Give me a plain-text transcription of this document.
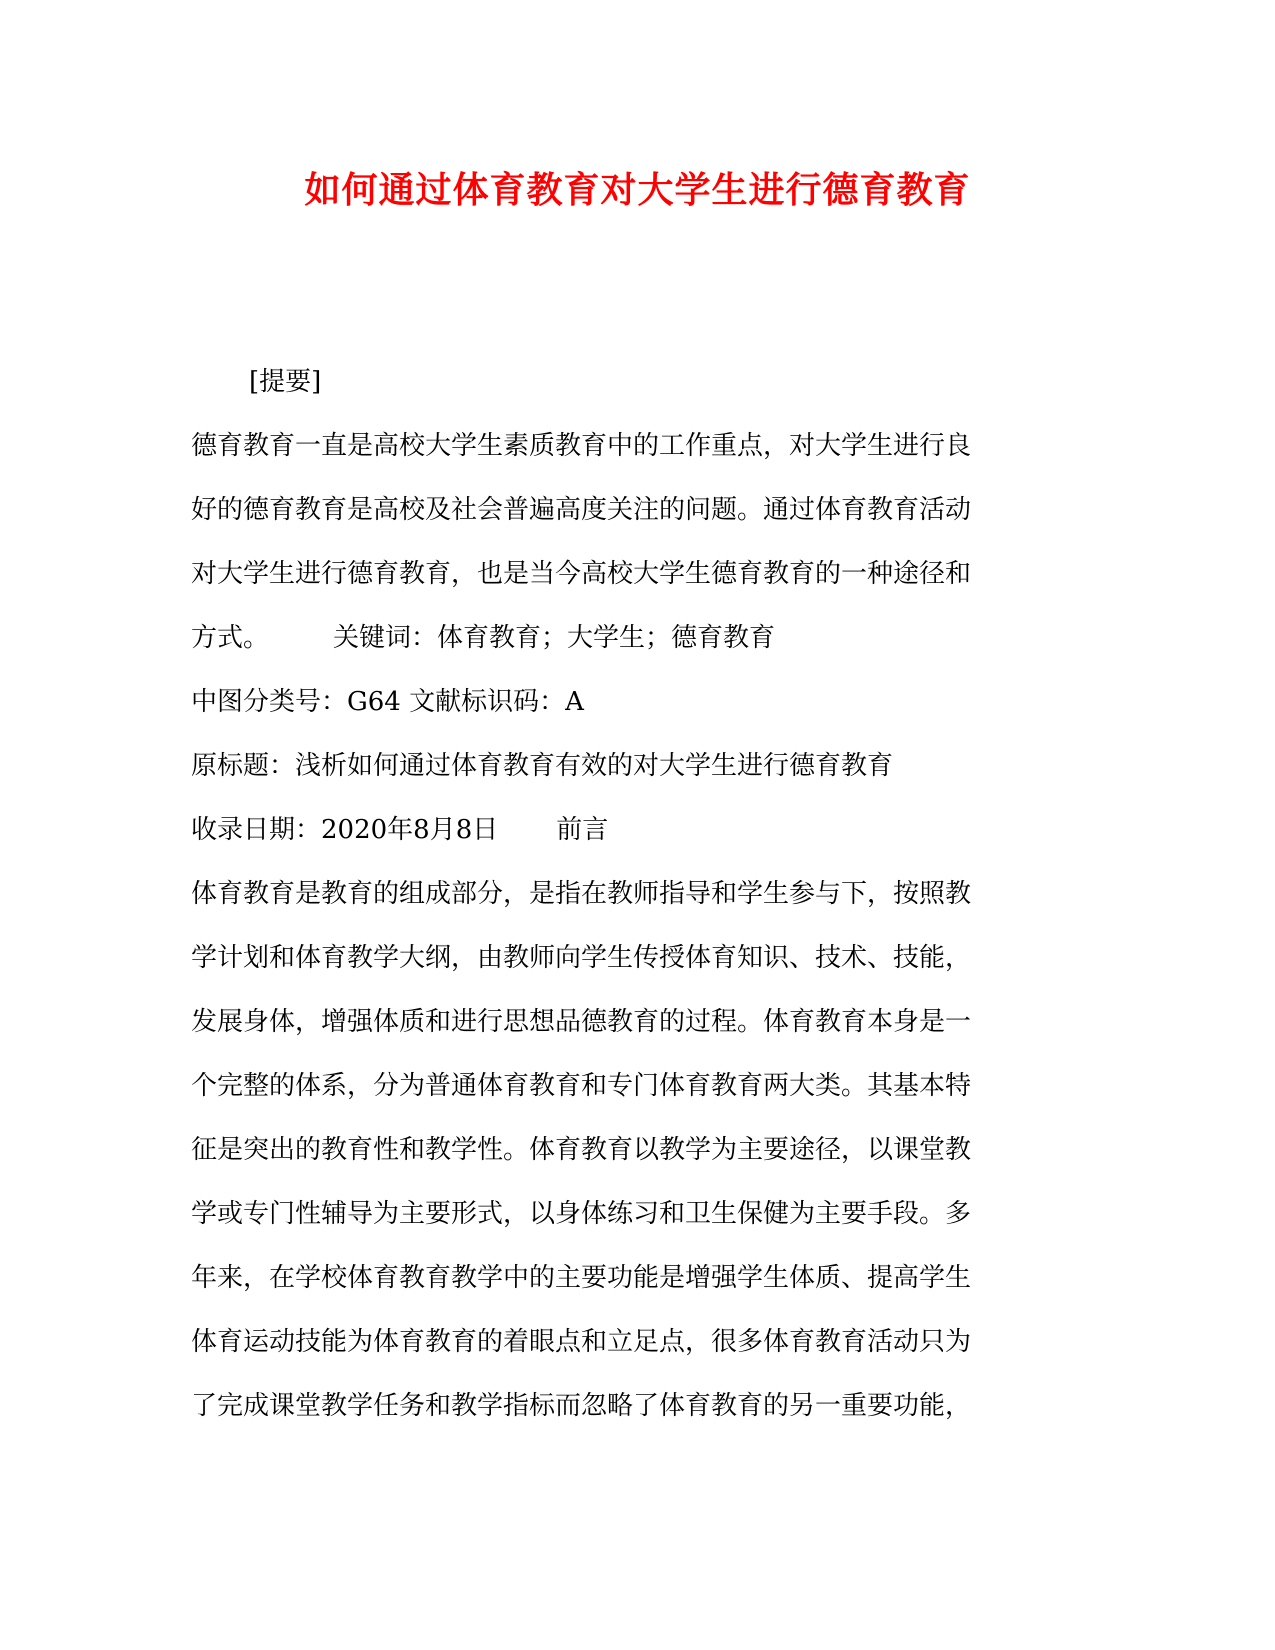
如何通过体育教育对大学生进行德育教育
[提要]
德育教育一直是高校大学生素质教育中的工作重点，对大学生进行良
好的德育教育是高校及社会普遍高度关注的问题。通过体育教育活动
对大学生进行德育教育，也是当今高校大学生德育教育的一种途径和
方式。 关键词：体育教育；大学生；德育教育
中图分类号：G64 文献标识码：A
原标题：浅析如何通过体育教育有效的对大学生进行德育教育
收录日期：2020年8月8日 前言
体育教育是教育的组成部分，是指在教师指导和学生参与下，按照教
学计划和体育教学大纲，由教师向学生传授体育知识、技术、技能，
发展身体，增强体质和进行思想品德教育的过程。体育教育本身是一
个完整的体系，分为普通体育教育和专门体育教育两大类。其基本特
征是突出的教育性和教学性。体育教育以教学为主要途径，以课堂教
学或专门性辅导为主要形式，以身体练习和卫生保健为主要手段。多
年来，在学校体育教育教学中的主要功能是增强学生体质、提高学生
体育运动技能为体育教育的着眼点和立足点，很多体育教育活动只为
了完成课堂教学任务和教学指标而忽略了体育教育的另一重要功能，
